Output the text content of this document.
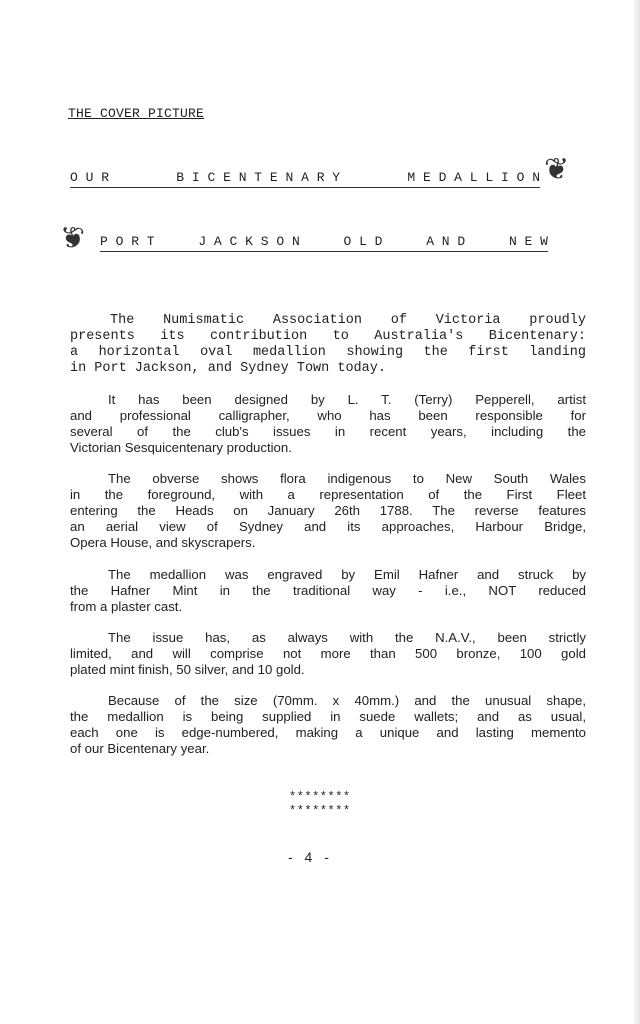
THE COVER PICTURE
O U R	B I C E N T E N A R Y	M E D A L L I O N ❦
❦ P O R T	J A C K S O N	O L D	A N D	N E W

The Numismatic Association of Victoria proudly
presents its contribution to Australia's Bicentenary:
a horizontal oval medallion showing the first landing
in Port Jackson, and Sydney Town today.

It has been designed by L. T. (Terry) Pepperell, artist
and professional calligrapher, who has been responsible for
several of the club's issues in recent years, including the
Victorian Sesquicentenary production.

The obverse shows flora indigenous to New South Wales
in the foreground, with a representation of the First Fleet
entering the Heads on January 26th 1788. The reverse features
an aerial view of Sydney and its approaches, Harbour Bridge,
Opera House, and skyscrapers.

The medallion was engraved by Emil Hafner and struck by
the Hafner Mint in the traditional way - i.e., NOT reduced
from a plaster cast.

The issue has, as always with the N.A.V., been strictly
limited, and will comprise not more than 500 bronze, 100 gold
plated mint finish, 50 silver, and 10 gold.

Because of the size (70mm. x 40mm.) and the unusual shape,
the medallion is being supplied in suede wallets; and as usual,
each one is edge-numbered, making a unique and lasting memento
of our Bicentenary year.

********
********
- 4 -
